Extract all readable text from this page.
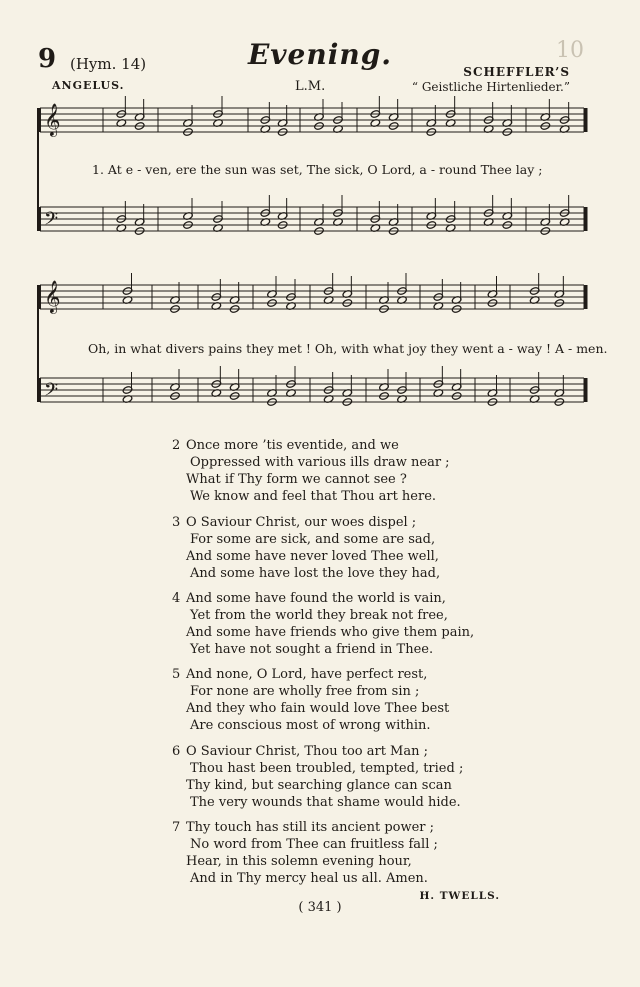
9 (Hym. 14)	Evening.	10
ANGELUS.	L.M.
SCHEFFLER’S
“ Geistliche Hirtenlieder.”
𝄞
𝄢
𝄞
𝄢
1. At e - ven, ere the sun was set, The sick, O Lord, a - round Thee lay ;
Oh, in what divers pains they met ! Oh, with what joy they went a - way ! A - men.
2 Once more ’tis eventide, and we
Oppressed with various ills draw near ;
What if Thy form we cannot see ?
We know and feel that Thou art here.
3 O Saviour Christ, our woes dispel ;
For some are sick, and some are sad,
And some have never loved Thee well,
And some have lost the love they had,
4 And some have found the world is vain,
Yet from the world they break not free,
And some have friends who give them pain,
Yet have not sought a friend in Thee.
5 And none, O Lord, have perfect rest,
For none are wholly free from sin ;
And they who fain would love Thee best
Are conscious most of wrong within.
6 O Saviour Christ, Thou too art Man ;
Thou hast been troubled, tempted, tried ;
Thy kind, but searching glance can scan
The very wounds that shame would hide.
7 Thy touch has still its ancient power ;
No word from Thee can fruitless fall ;
Hear, in this solemn evening hour,
And in Thy mercy heal us all. Amen.
H. TWELLS.
( 341 )
